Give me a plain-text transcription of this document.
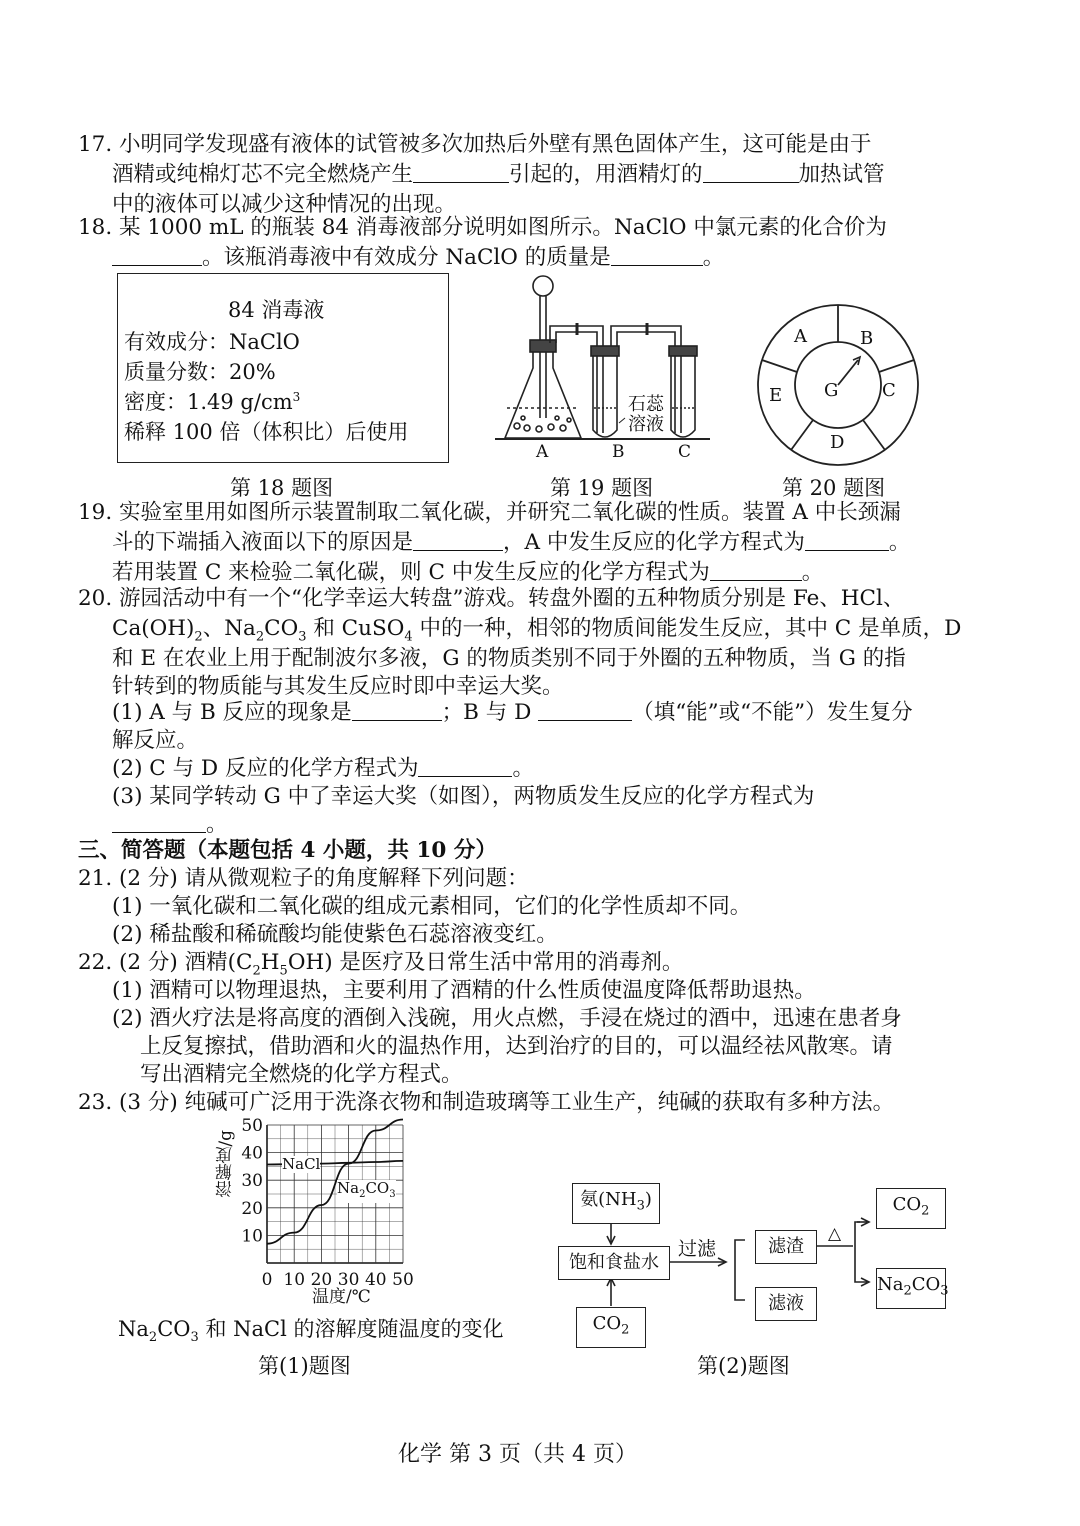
17. 小明同学发现盛有液体的试管被多次加热后外壁有黑色固体产生，这可能是由于
酒精或纯棉灯芯不完全燃烧产生	引起的，用酒精灯的	加热试管
中的液体可以减少这种情况的出现。
18. 某 1000 mL 的瓶装 84 消毒液部分说明如图所示。NaClO 中氯元素的化合价为
。该瓶消毒液中有效成分 NaClO 的质量是	。
84 消毒液
有效成分：NaClO
质量分数：20%
密度：1.49 $g/cm^3$
稀释 100 倍（体积比）后使用
第 18 题图
石蕊
溶液
A	B	C
第 19 题图
A	B
C
D
E G
第 20 题图
19. 实验室里用如图所示装置制取二氧化碳，并研究二氧化碳的性质。装置 A 中长颈漏
斗的下端插入液面以下的原因是	，A 中发生反应的化学方程式为	。
若用装置 C 来检验二氧化碳，则 C 中发生反应的化学方程式为	。
20. 游园活动中有一个“化学幸运大转盘”游戏。转盘外圈的五种物质分别是 Fe、HCl、
$Ca(OH)_2$、$Na_2CO_3$ 和 CuSO$_4$ 中的一种，相邻的物质间能发生反应，其中 C 是单质，D
和 E 在农业上用于配制波尔多液，G 的物质类别不同于外圈的五种物质，当 G 的指
针转到的物质能与其发生反应时即中幸运大奖。
(1) A 与 B 反应的现象是	；B 与 D	（填“能”或“不能”）发生复分
解反应。
(2) C 与 D 反应的化学方程式为	。
(3) 某同学转动 G 中了幸运大奖（如图），两物质发生反应的化学方程式为
。
三、简答题（本题包括 4 小题，共 10 分）
21. (2 分) 请从微观粒子的角度解释下列问题：
(1) 一氧化碳和二氧化碳的组成元素相同，它们的化学性质却不同。
(2) 稀盐酸和稀硫酸均能使紫色石蕊溶液变红。
22. (2 分) 酒精$(C_2H_5OH)$ 是医疗及日常生活中常用的消毒剂。
(1) 酒精可以物理退热，主要利用了酒精的什么性质使温度降低帮助退热。
(2) 酒火疗法是将高度的酒倒入浅碗，用火点燃，手浸在烧过的酒中，迅速在患者身
上反复擦拭，借助酒和火的温热作用，达到治疗的目的，可以温经祛风散寒。请
写出酒精完全燃烧的化学方程式。
23. (3 分) 纯碱可广泛用于洗涤衣物和制造玻璃等工业生产，纯碱的获取有多种方法。
10
20
30
40
50
0 10 20 30 40 50
溶解度/g
温度/℃
NaCl
$Na_2CO_3$
$Na_2CO_3$ 和 NaCl 的溶解度随温度的变化
第(1)题图
氨$(NH_3)$
饱和食盐水
$CO_2$
过滤	滤渣
滤液
△
$CO_2$
$Na_2CO_3$
第(2)题图
化学 第 3 页（共 4 页）
